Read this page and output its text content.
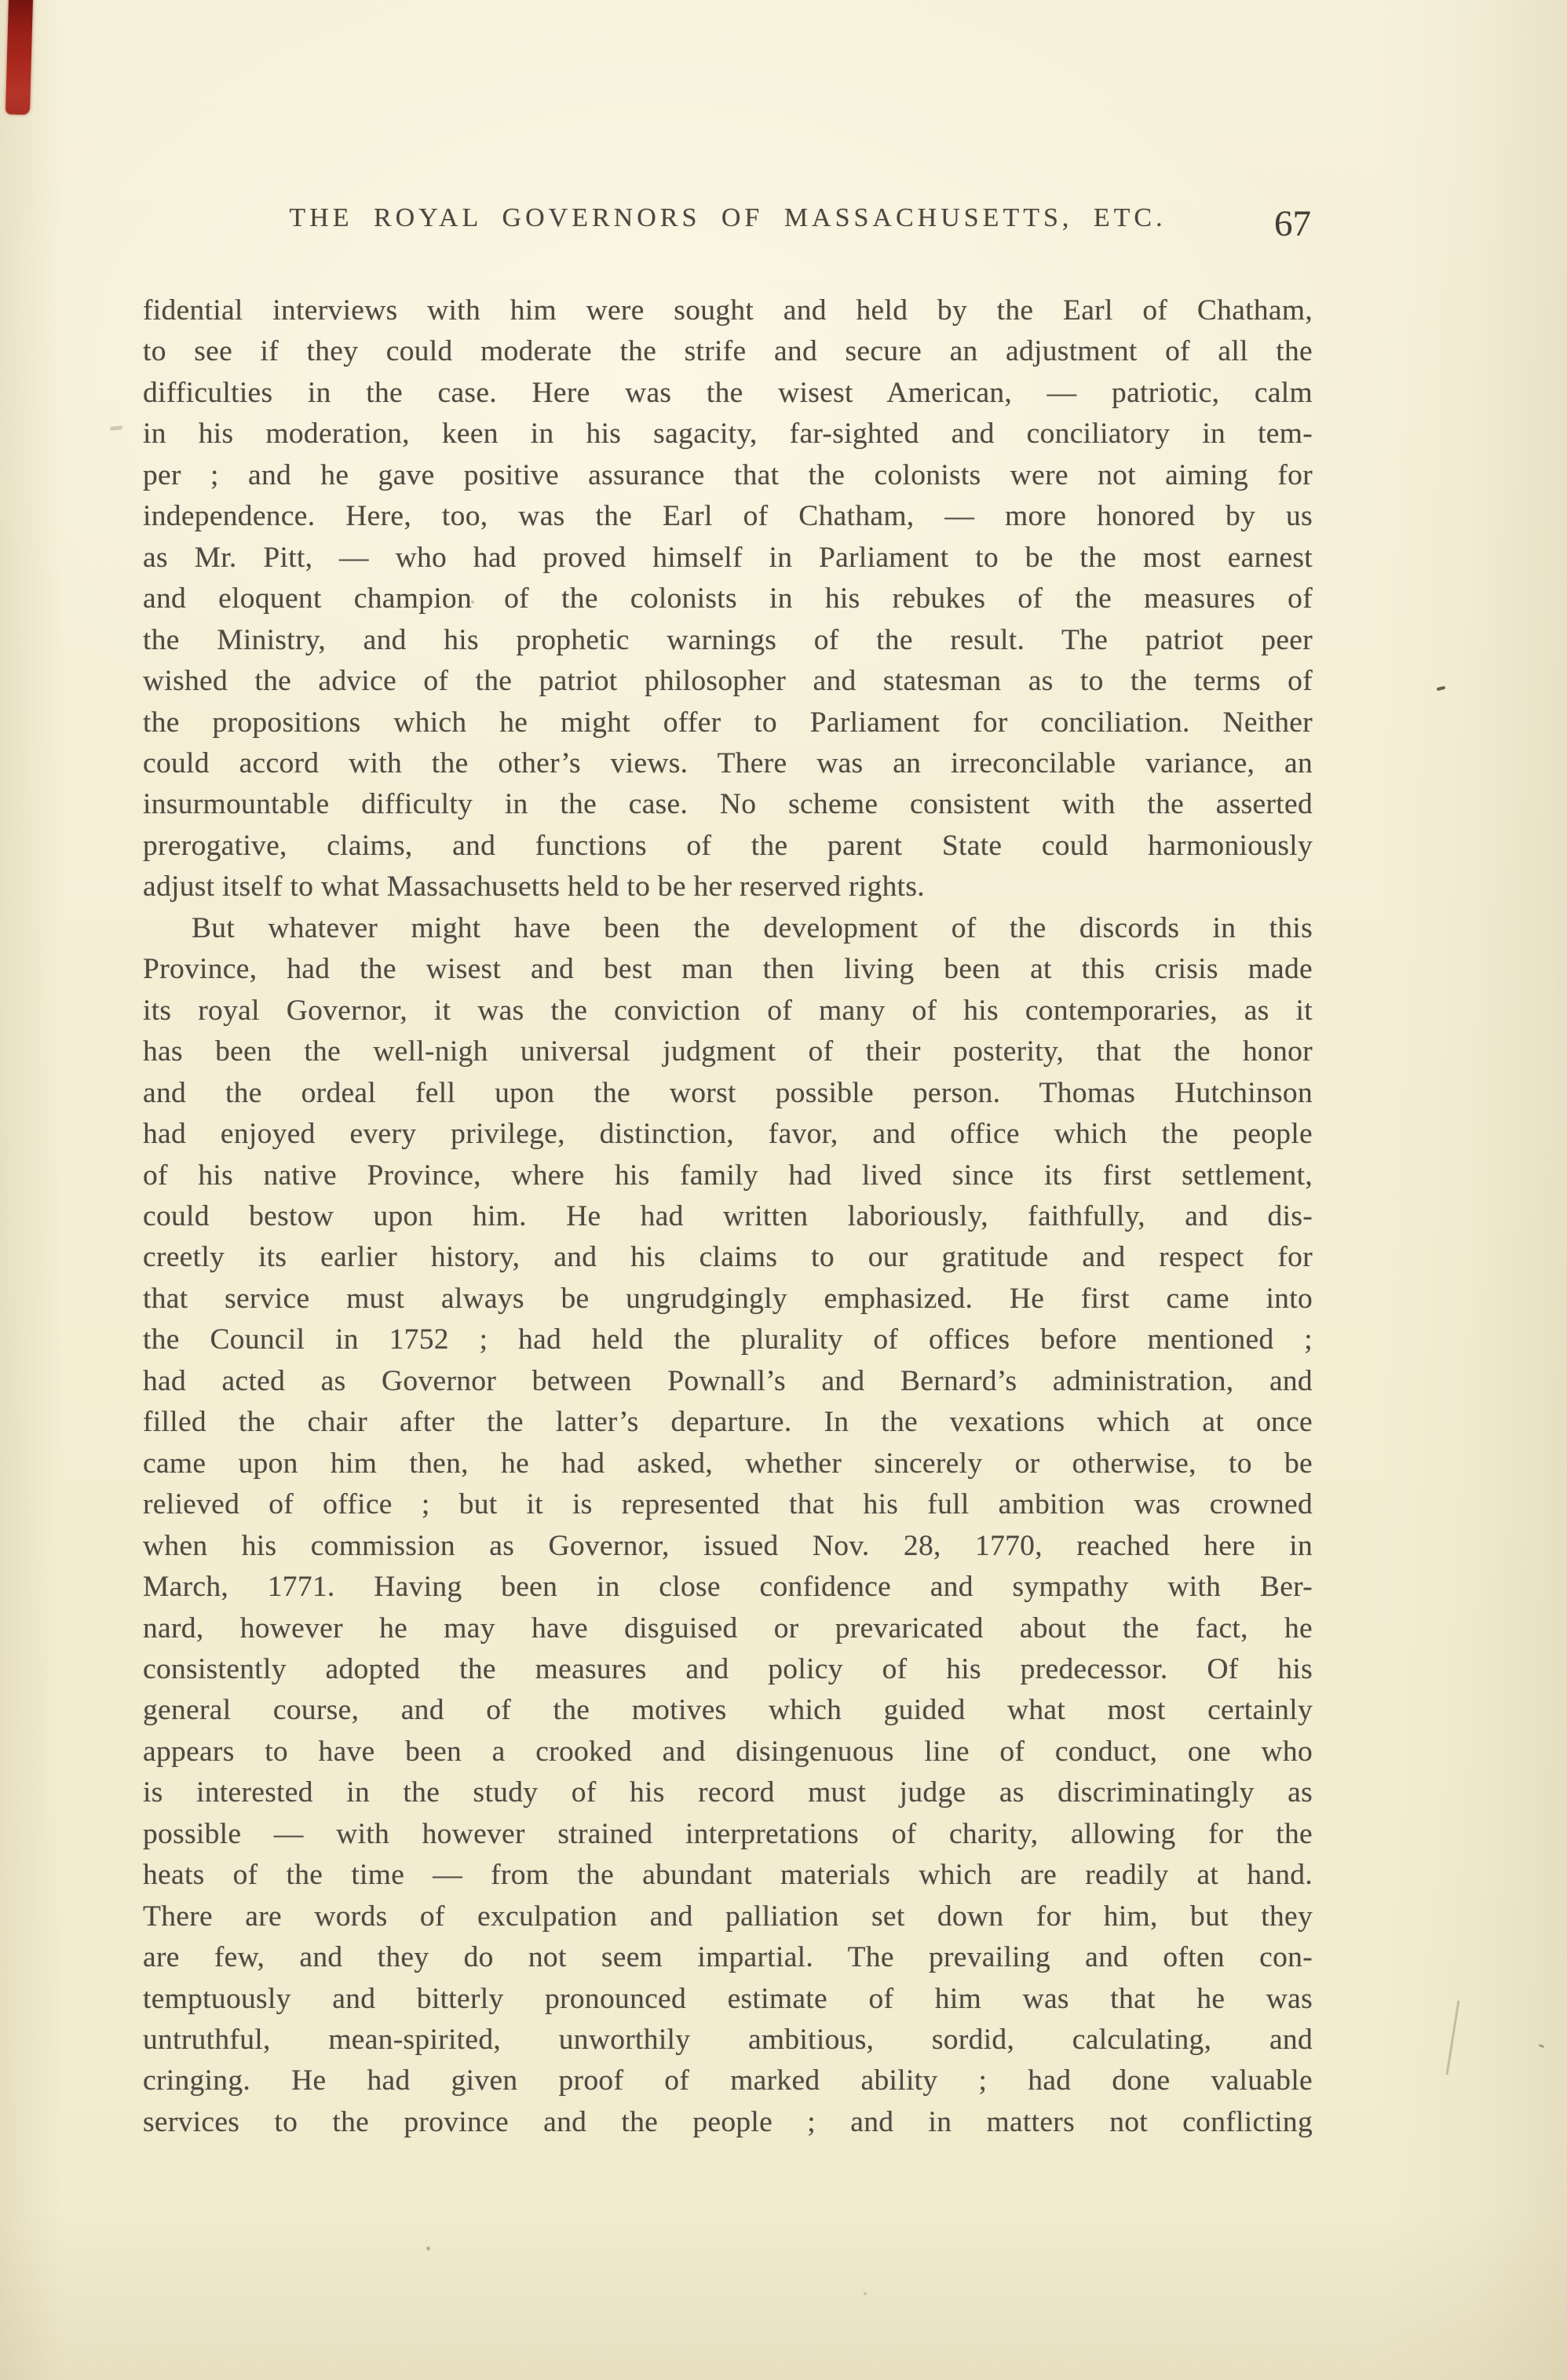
THE ROYAL GOVERNORS OF MASSACHUSETTS, ETC.	67
fidential interviews with him were sought and held by the Earl of Chatham,
to see if they could moderate the strife and secure an adjustment of all the
difficulties in the case. Here was the wisest American, — patriotic, calm
in his moderation, keen in his sagacity, far-sighted and conciliatory in tem-
per ; and he gave positive assurance that the colonists were not aiming for
independence. Here, too, was the Earl of Chatham, — more honored by us
as Mr. Pitt, — who had proved himself in Parliament to be the most earnest
and eloquent champion of the colonists in his rebukes of the measures of
the Ministry, and his prophetic warnings of the result. The patriot peer
wished the advice of the patriot philosopher and statesman as to the terms of
the propositions which he might offer to Parliament for conciliation. Neither
could accord with the other’s views. There was an irreconcilable variance, an
insurmountable difficulty in the case. No scheme consistent with the asserted
prerogative, claims, and functions of the parent State could harmoniously
adjust itself to what Massachusetts held to be her reserved rights.
But whatever might have been the development of the discords in this
Province, had the wisest and best man then living been at this crisis made
its royal Governor, it was the conviction of many of his contemporaries, as it
has been the well-nigh universal judgment of their posterity, that the honor
and the ordeal fell upon the worst possible person. Thomas Hutchinson
had enjoyed every privilege, distinction, favor, and office which the people
of his native Province, where his family had lived since its first settlement,
could bestow upon him. He had written laboriously, faithfully, and dis-
creetly its earlier history, and his claims to our gratitude and respect for
that service must always be ungrudgingly emphasized. He first came into
the Council in 1752 ; had held the plurality of offices before mentioned ;
had acted as Governor between Pownall’s and Bernard’s administration, and
filled the chair after the latter’s departure. In the vexations which at once
came upon him then, he had asked, whether sincerely or otherwise, to be
relieved of office ; but it is represented that his full ambition was crowned
when his commission as Governor, issued Nov. 28, 1770, reached here in
March, 1771. Having been in close confidence and sympathy with Ber-
nard, however he may have disguised or prevaricated about the fact, he
consistently adopted the measures and policy of his predecessor. Of his
general course, and of the motives which guided what most certainly
appears to have been a crooked and disingenuous line of conduct, one who
is interested in the study of his record must judge as discriminatingly as
possible — with however strained interpretations of charity, allowing for the
heats of the time — from the abundant materials which are readily at hand.
There are words of exculpation and palliation set down for him, but they
are few, and they do not seem impartial. The prevailing and often con-
temptuously and bitterly pronounced estimate of him was that he was
untruthful, mean-spirited, unworthily ambitious, sordid, calculating, and
cringing. He had given proof of marked ability ; had done valuable
services to the province and the people ; and in matters not conflicting
